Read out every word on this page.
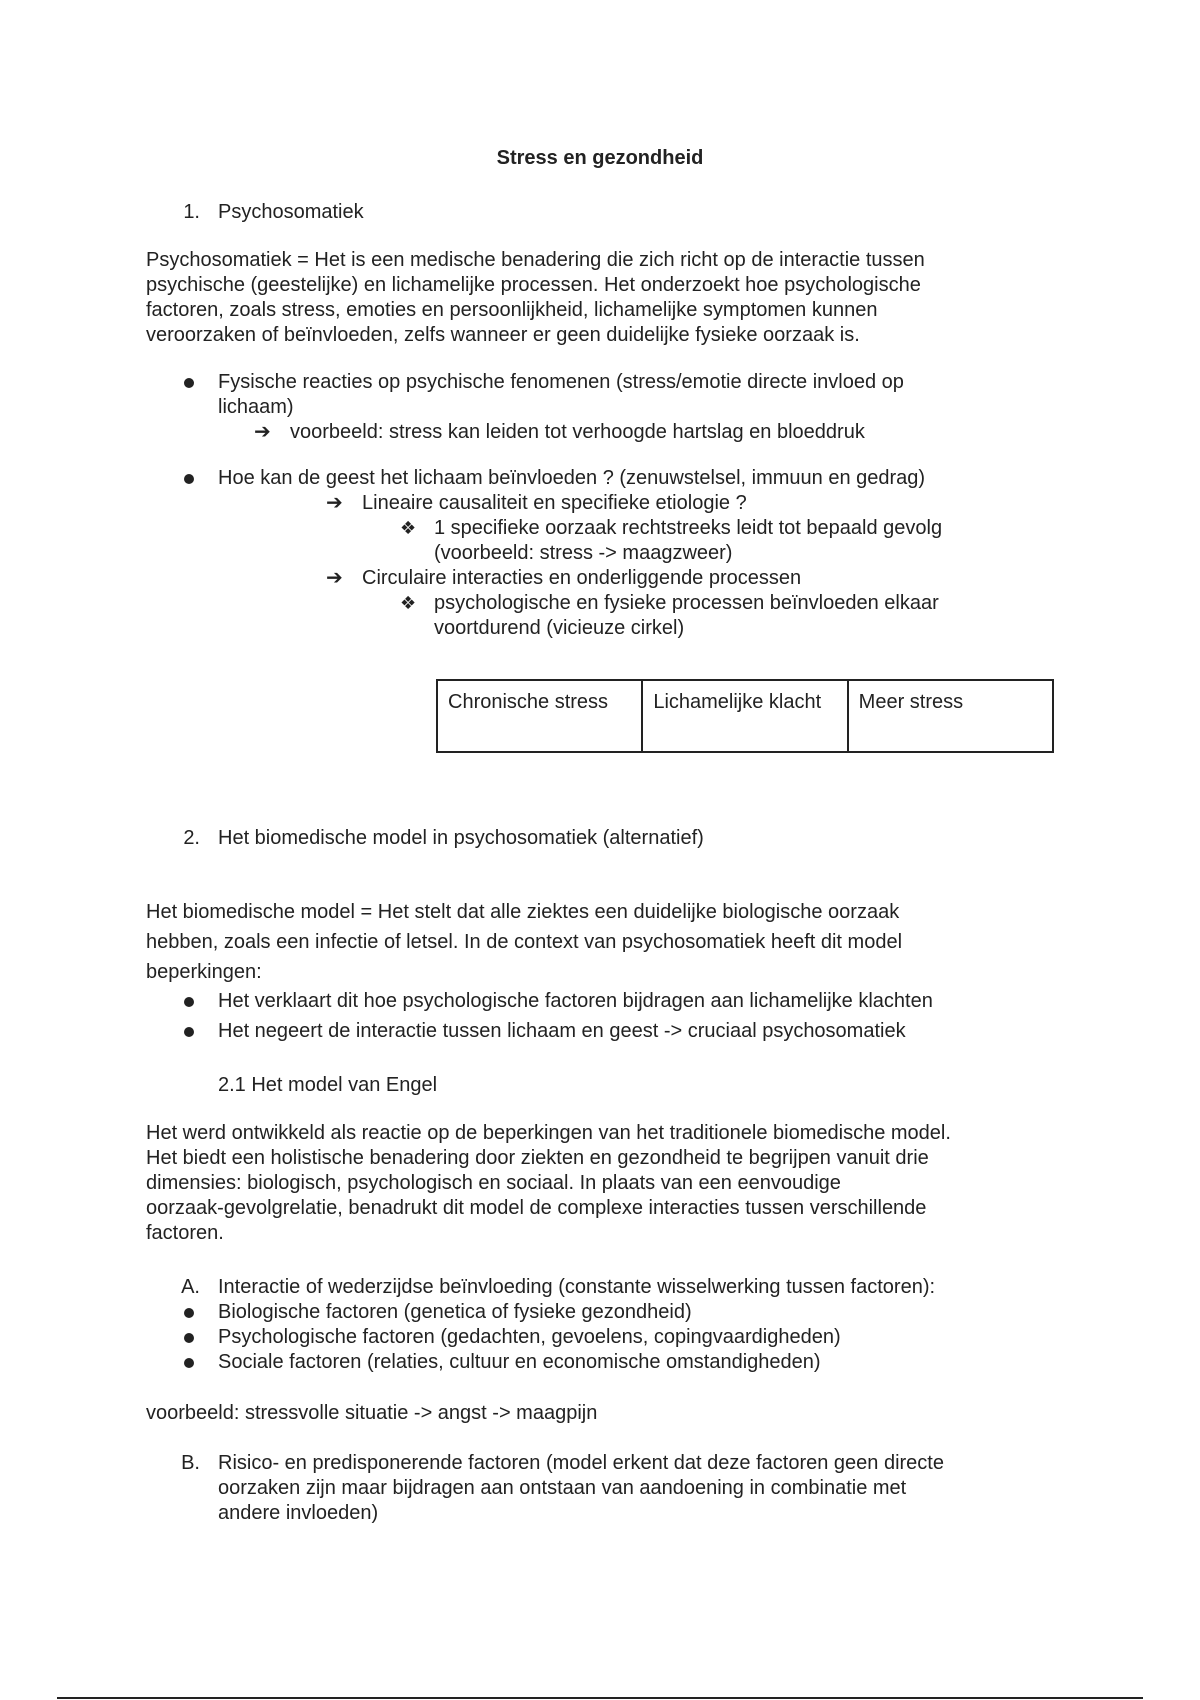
Stress en gezondheid
1. Psychosomatiek
Psychosomatiek = Het is een medische benadering die zich richt op de interactie tussen
psychische (geestelijke) en lichamelijke processen. Het onderzoekt hoe psychologische
factoren, zoals stress, emoties en persoonlijkheid, lichamelijke symptomen kunnen
veroorzaken of beïnvloeden, zelfs wanneer er geen duidelijke fysieke oorzaak is.
Fysische reacties op psychische fenomenen (stress/emotie directe invloed op
lichaam)
➔ voorbeeld: stress kan leiden tot verhoogde hartslag en bloeddruk
Hoe kan de geest het lichaam beïnvloeden ? (zenuwstelsel, immuun en gedrag)
➔ Lineaire causaliteit en specifieke etiologie ?
❖ 1 specifieke oorzaak rechtstreeks leidt tot bepaald gevolg
(voorbeeld: stress -> maagzweer)
➔ Circulaire interacties en onderliggende processen
❖ psychologische en fysieke processen beïnvloeden elkaar
voortdurend (vicieuze cirkel)
Chronische stress	Lichamelijke klacht	Meer stress
2. Het biomedische model in psychosomatiek (alternatief)
Het biomedische model = Het stelt dat alle ziektes een duidelijke biologische oorzaak
hebben, zoals een infectie of letsel. In de context van psychosomatiek heeft dit model
beperkingen:
Het verklaart dit hoe psychologische factoren bijdragen aan lichamelijke klachten
Het negeert de interactie tussen lichaam en geest -> cruciaal psychosomatiek
2.1 Het model van Engel
Het werd ontwikkeld als reactie op de beperkingen van het traditionele biomedische model.
Het biedt een holistische benadering door ziekten en gezondheid te begrijpen vanuit drie
dimensies: biologisch, psychologisch en sociaal. In plaats van een eenvoudige
oorzaak-gevolgrelatie, benadrukt dit model de complexe interacties tussen verschillende
factoren.
A. Interactie of wederzijdse beïnvloeding (constante wisselwerking tussen factoren):
Biologische factoren (genetica of fysieke gezondheid)
Psychologische factoren (gedachten, gevoelens, copingvaardigheden)
Sociale factoren (relaties, cultuur en economische omstandigheden)
voorbeeld: stressvolle situatie -> angst -> maagpijn
B. Risico- en predisponerende factoren (model erkent dat deze factoren geen directe
oorzaken zijn maar bijdragen aan ontstaan van aandoening in combinatie met
andere invloeden)
